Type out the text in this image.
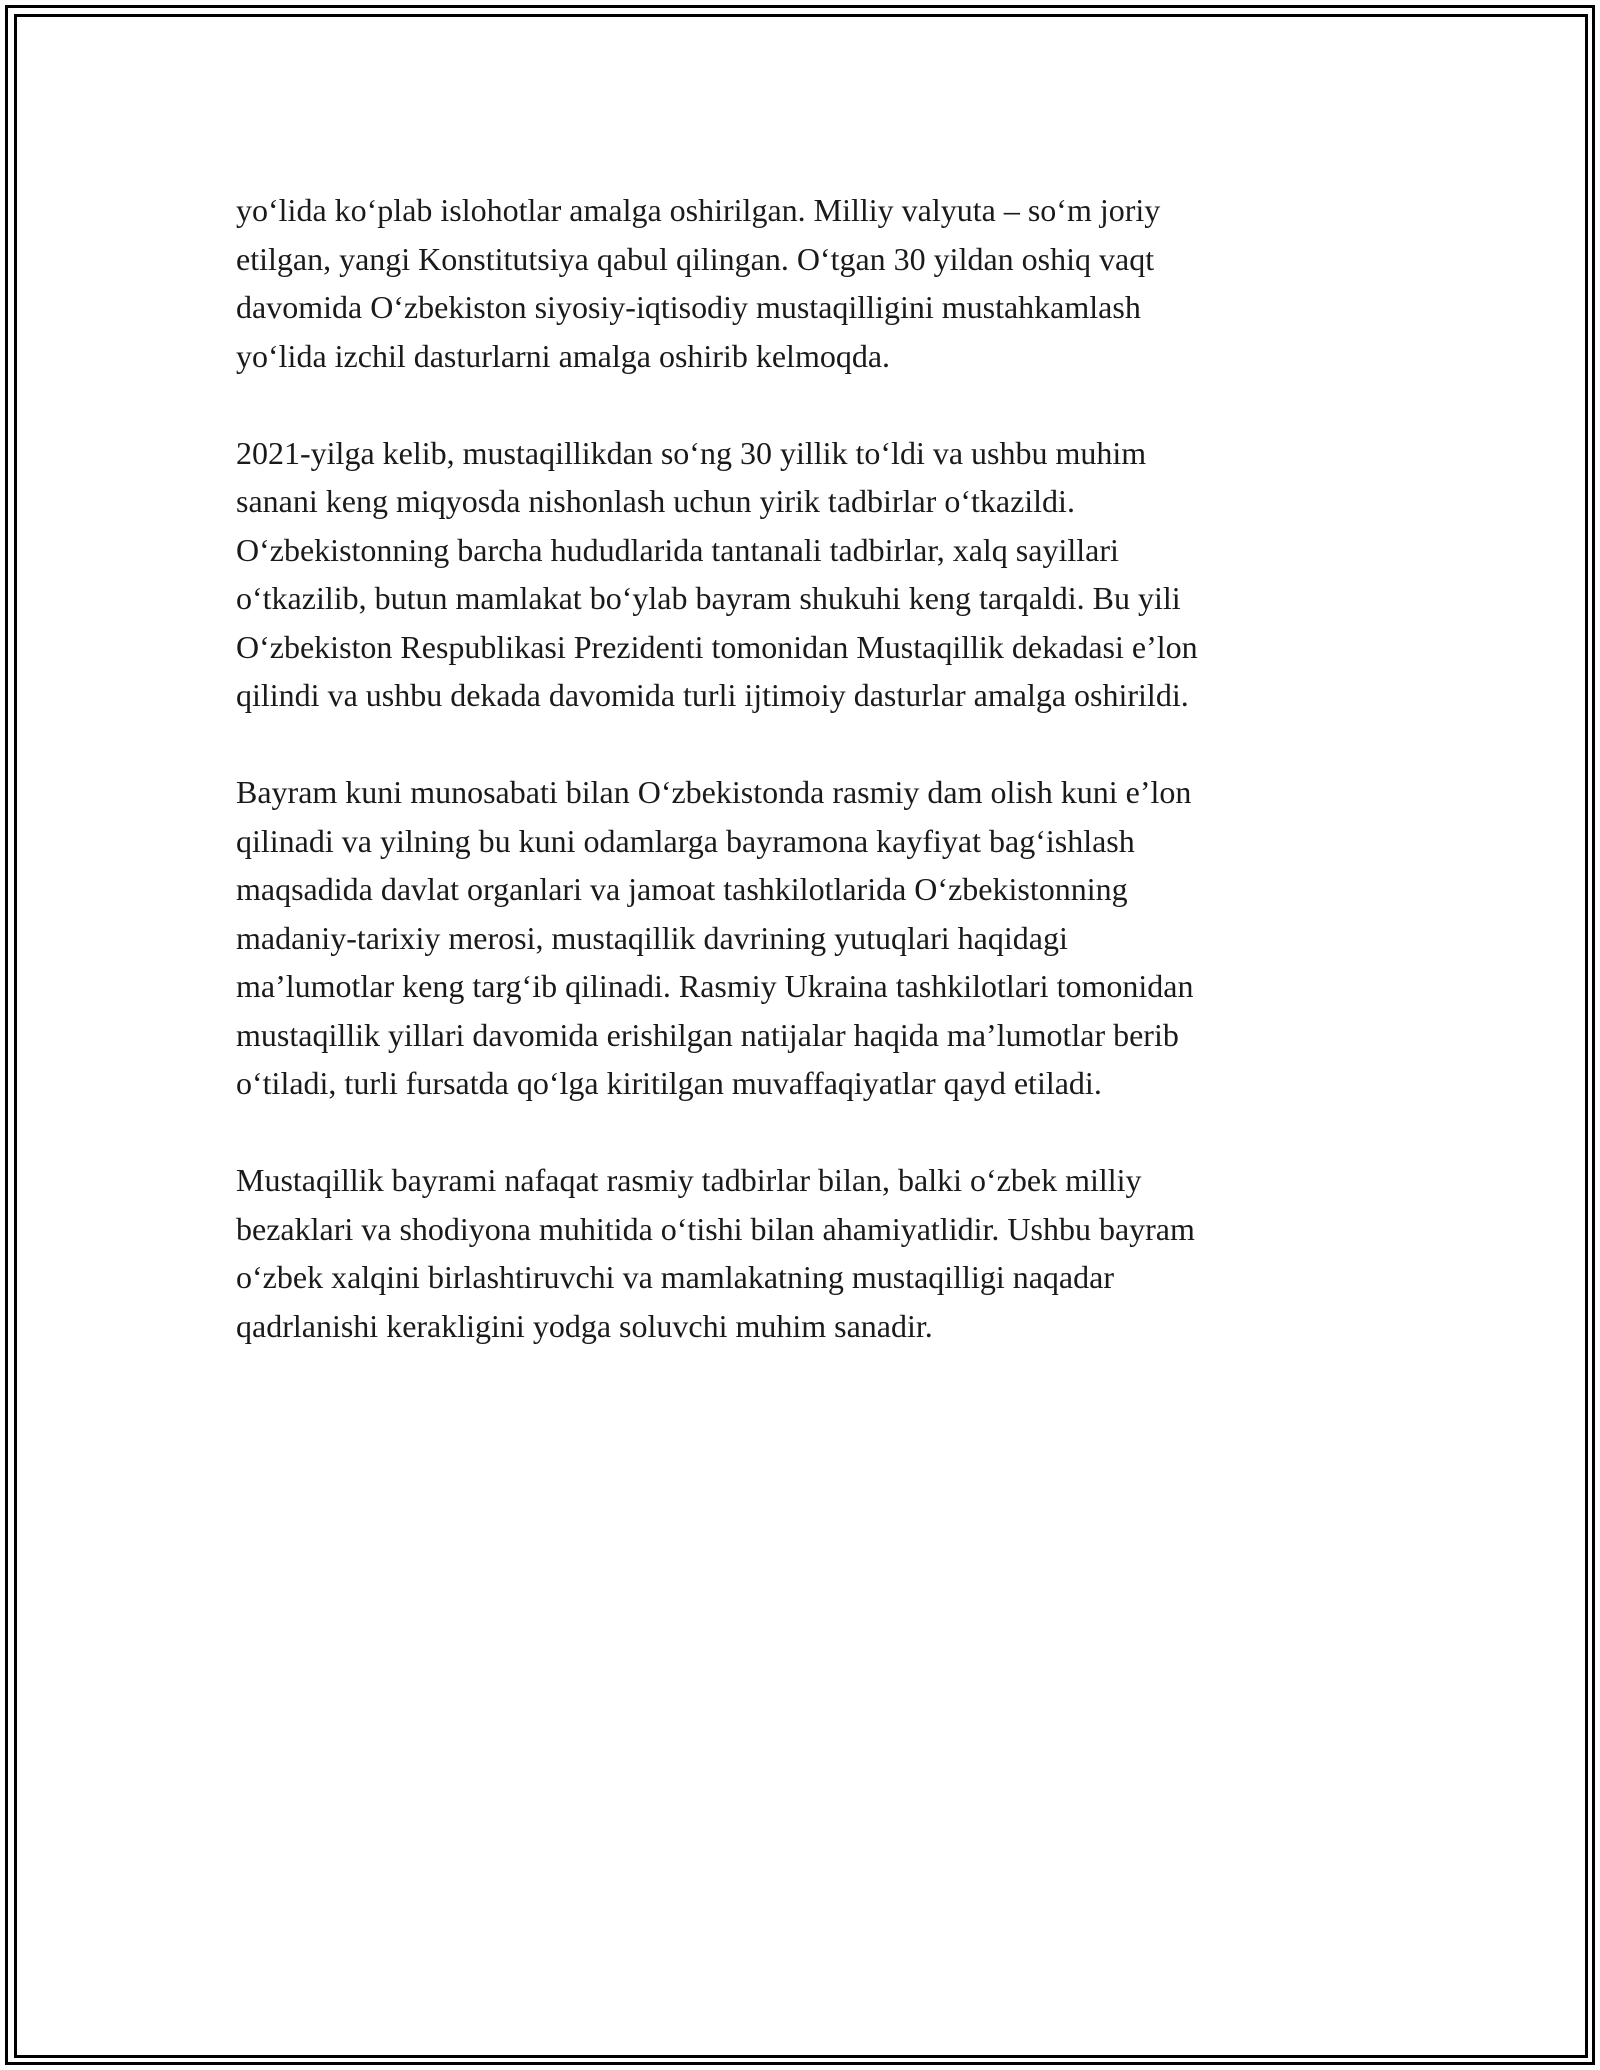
yo‘lida ko‘plab islohotlar amalga oshirilgan. Milliy valyuta – so‘m joriy
etilgan, yangi Konstitutsiya qabul qilingan. O‘tgan 30 yildan oshiq vaqt
davomida O‘zbekiston siyosiy-iqtisodiy mustaqilligini mustahkamlash
yo‘lida izchil dasturlarni amalga oshirib kelmoqda.

2021-yilga kelib, mustaqillikdan so‘ng 30 yillik to‘ldi va ushbu muhim
sanani keng miqyosda nishonlash uchun yirik tadbirlar o‘tkazildi.
O‘zbekistonning barcha hududlarida tantanali tadbirlar, xalq sayillari
o‘tkazilib, butun mamlakat bo‘ylab bayram shukuhi keng tarqaldi. Bu yili
O‘zbekiston Respublikasi Prezidenti tomonidan Mustaqillik dekadasi e’lon
qilindi va ushbu dekada davomida turli ijtimoiy dasturlar amalga oshirildi.

Bayram kuni munosabati bilan O‘zbekistonda rasmiy dam olish kuni e’lon
qilinadi va yilning bu kuni odamlarga bayramona kayfiyat bag‘ishlash
maqsadida davlat organlari va jamoat tashkilotlarida O‘zbekistonning
madaniy-tarixiy merosi, mustaqillik davrining yutuqlari haqidagi
ma’lumotlar keng targ‘ib qilinadi. Rasmiy Ukraina tashkilotlari tomonidan
mustaqillik yillari davomida erishilgan natijalar haqida ma’lumotlar berib
o‘tiladi, turli fursatda qo‘lga kiritilgan muvaffaqiyatlar qayd etiladi.

Mustaqillik bayrami nafaqat rasmiy tadbirlar bilan, balki o‘zbek milliy
bezaklari va shodiyona muhitida o‘tishi bilan ahamiyatlidir. Ushbu bayram
o‘zbek xalqini birlashtiruvchi va mamlakatning mustaqilligi naqadar
qadrlanishi kerakligini yodga soluvchi muhim sanadir.
